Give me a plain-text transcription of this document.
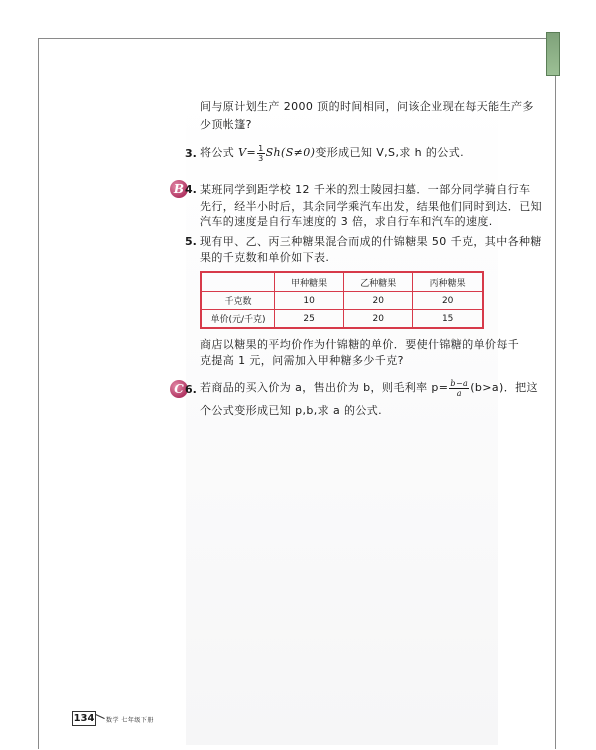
间与原计划生产 2000 顶的时间相同，问该企业现在每天能生产多
少顶帐篷?
3. 将公式 $V= \frac{1}{3} Sh(S\ne 0)$变形成已知 V,S,求 h 的公式.
B 4. 某班同学到距学校 12 千米的烈士陵园扫墓．一部分同学骑自行车
先行，经半小时后，其余同学乘汽车出发，结果他们同时到达．已知
汽车的速度是自行车速度的 3 倍，求自行车和汽车的速度.
5. 现有甲、乙、丙三种糖果混合而成的什锦糖果 50 千克，其中各种糖
果的千克数和单价如下表.
	甲种糖果	乙种糖果	丙种糖果
千克数	10	20	20
单价(元/千克)	25	20	15
商店以糖果的平均价作为什锦糖的单价．要使什锦糖的单价每千
克提高 1 元，问需加入甲种糖多少千克?
C 6. 若商品的买入价为 a，售出价为 b，则毛利率 $p= \frac{b-a}{a} (b>a)$．把这
个公式变形成已知 p,b,求 a 的公式.
134 数学 七年级下册
